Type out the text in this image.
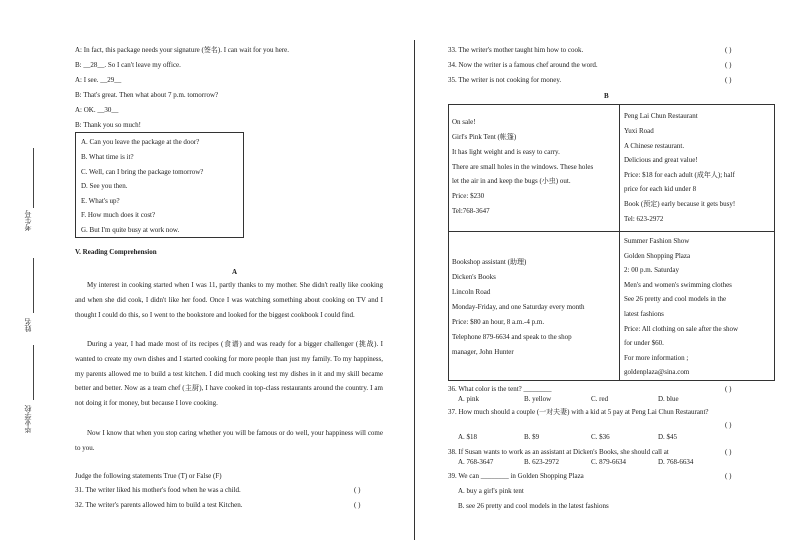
考生号
姓名
毕业学校
A: In fact, this package needs your signature (签名). I can wait for you here.
B: __28__. So I can't leave my office.
A: I see. __29__
B: That's great. Then what about 7 p.m. tomorrow?
A: OK. __30__
B: Thank you so much!
A. Can you leave the package at the door?
B. What time is it?
C. Well, can I bring the package tomorrow?
D. See you then.
E. What's up?
F. How much does it cost?
G. But I'm quite busy at work now.
V. Reading Comprehension
A
My interest in cooking started when I was 11, partly thanks to my mother. She didn't really like cooking and when she did cook, I didn't like her food. Once I was watching something about cooking on TV and I thought I could do this, so I went to the bookstore and looked for the biggest cookbook I could find.
During a year, I had made most of its recipes (食谱) and was ready for a bigger challenger (挑战). I wanted to create my own dishes and I started cooking for more people than just my family. To my happiness, my parents allowed me to build a test kitchen. I did much cooking test my dishes in it and my skill became better and better. Now as a team chef (主厨), I have cooked in top-class restaurants around the country. I am not doing it for money, but because I love cooking.
Now I know that when you stop caring whether you will be famous or do well, your happiness will come to you.
Judge the following statements True (T) or False (F)
31. The writer liked his mother's food when he was a child.	( )
32. The writer's parents allowed him to build a test Kitchen.	( )
33. The writer's mother taught him how to cook.	( )
34. Now the writer is a famous chef around the word.	( )
35. The writer is not cooking for money.	( )
B
On sale!
Girl's Pink Tent (帐篷)
It has light weight and is easy to carry.
There are small holes in the windows. These holes
let the air in and keep the bugs (小虫) out.
Price: $230
Tel:768-3647
Peng Lai Chun Restaurant
Yuxi Road
A Chinese restaurant.
Delicious and great value!
Price: $18 for each adult (成年人); half
price for each kid under 8
Book (预定) early because it gets busy!
Tel: 623-2972
Bookshop assistant (助理)
Dicken's Books
Lincoln Road
Monday-Friday, and one Saturday every month
Price: $80 an hour, 8 a.m.-4 p.m.
Telephone 879-6634 and speak to the shop
manager, John Hunter
Summer Fashion Show
Golden Shopping Plaza
2: 00 p.m. Saturday
Men's and women's swimming clothes
See 26 pretty and cool models in the
latest fashions
Price: All clothing on sale after the show
for under $60.
For more information ;
goldenplaza@sina.com
36. What color is the tent? ________	( )
A. pink	B. yellow	C. red	D. blue
37. How much should a couple (一对夫妻) with a kid at 5 pay at Peng Lai Chun Restaurant?
( )
A. $18	B. $9	C. $36	D. $45
38. If Susan wants to work as an assistant at Dicken's Books, she should call at	( )
A. 768-3647	B. 623-2972	C. 879-6634	D. 768-6634
39. We can ________ in Golden Shopping Plaza	( )
A. buy a girl's pink tent
B. see 26 pretty and cool models in the latest fashions
